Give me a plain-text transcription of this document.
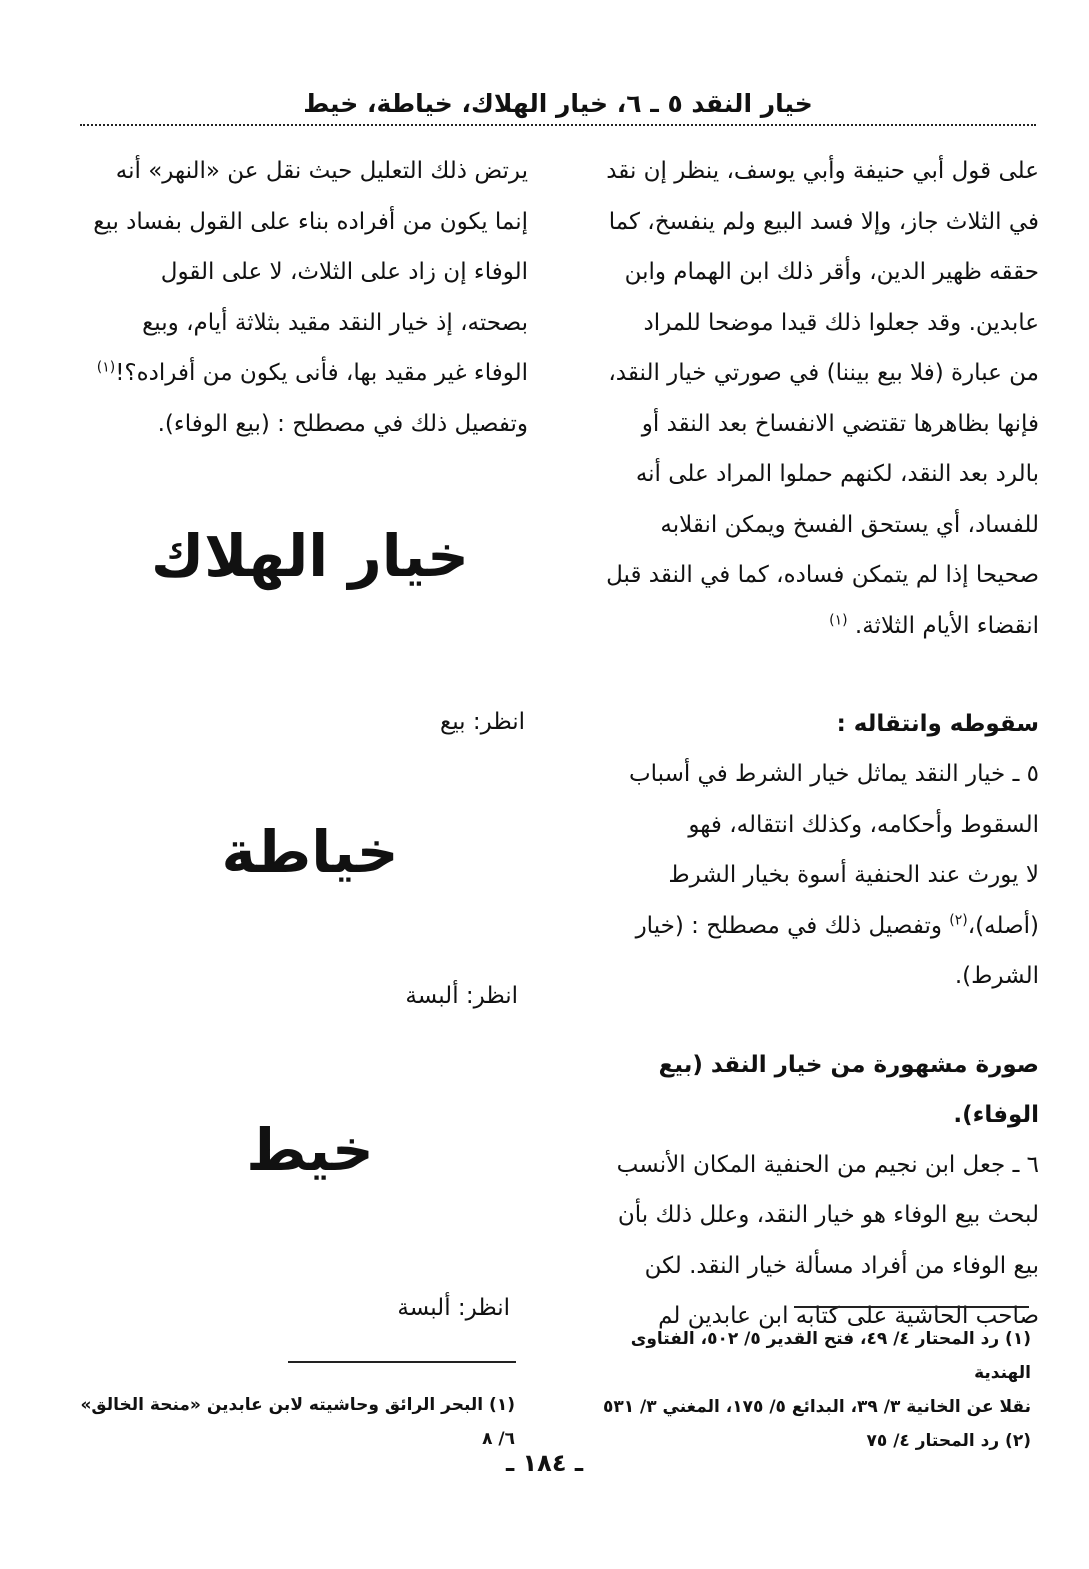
خيار النقد ٥ ـ ٦، خيار الهلاك، خياطة، خيط

على قول أبي حنيفة وأبي يوسف، ينظر إن نقد
في الثلاث جاز، وإلا فسد البيع ولم ينفسخ، كما
حققه ظهير الدين، وأقر ذلك ابن الهمام وابن
عابدين. وقد جعلوا ذلك قيدا موضحا للمراد
من عبارة (فلا بيع بيننا) في صورتي خيار النقد،
فإنها بظاهرها تقتضي الانفساخ بعد النقد أو
بالرد بعد النقد، لكنهم حملوا المراد على أنه
للفساد، أي يستحق الفسخ ويمكن انقلابه
صحيحا إذا لم يتمكن فساده، كما في النقد قبل
انقضاء الأيام الثلاثة. $^{(١)}$

سقوطه وانتقاله :

٥ ـ خيار النقد يماثل خيار الشرط في أسباب
السقوط وأحكامه، وكذلك انتقاله، فهو
لا يورث عند الحنفية أسوة بخيار الشرط
(أصله)،$^{(٢)}$ وتفصيل ذلك في مصطلح : (خيار
الشرط).

صورة مشهورة من خيار النقد (بيع الوفاء).

٦ ـ جعل ابن نجيم من الحنفية المكان الأنسب
لبحث بيع الوفاء هو خيار النقد، وعلل ذلك بأن
بيع الوفاء من أفراد مسألة خيار النقد. لكن
صاحب الحاشية على كتابه ابن عابدين لم

(١) رد المحتار ٤/ ٤٩، فتح القدير ٥/ ٥٠٢، الفتاوى الهندية

نقلا عن الخانية ٣/ ٣٩، البدائع ٥/ ١٧٥، المغني ٣/ ٥٣١

(٢) رد المحتار ٤/ ٧٥

يرتض ذلك التعليل حيث نقل عن «النهر» أنه
إنما يكون من أفراده بناء على القول بفساد بيع
الوفاء إن زاد على الثلاث، لا على القول
بصحته، إذ خيار النقد مقيد بثلاثة أيام، وبيع
الوفاء غير مقيد بها، فأنى يكون من أفراده؟!$^{(١)}$
وتفصيل ذلك في مصطلح : (بيع الوفاء).

خيار الهلاك

انظر: بيع

خياطة

انظر: ألبسة

خيط

انظر: ألبسة

(١) البحر الرائق وحاشيته لابن عابدين «منحة الخالق» ٦/ ٨

ـ ١٨٤ ـ
